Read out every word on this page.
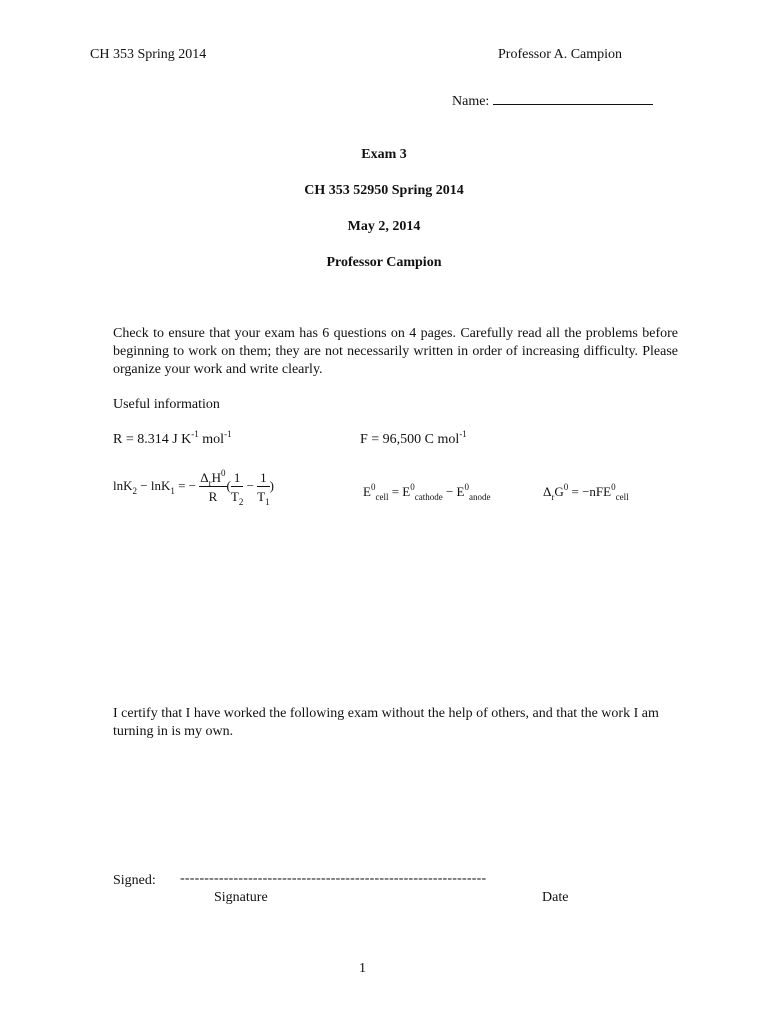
CH 353 Spring 2014	Professor A. Campion
Name:
Exam 3
CH 353 52950 Spring 2014
May 2, 2014
Professor Campion
Check to ensure that your exam has 6 questions on 4 pages. Carefully read all the problems before beginning to work on them; they are not necessarily written in order of increasing difficulty. Please organize your work and write clearly.
Useful information
R = 8.314 J $K^{-1}$ mol$^{-1}$	F = 96,500 C mol$^{-1}$
lnK$_2$ − lnK$_1$ = − $\frac{\Delta_rH^0}{R}$ ( $\frac{1}{T_2} - \frac{1}{T_1}$ )	$E^0_{cell} = E^0_{cathode} - E^0_{anode}$	$\Delta_rG^0 = -nFE^0_{cell}$
I certify that I have worked the following exam without the help of others, and that the work I am turning in is my own.
Signed: ---------------------------------------------------------------
Signature	Date
1
